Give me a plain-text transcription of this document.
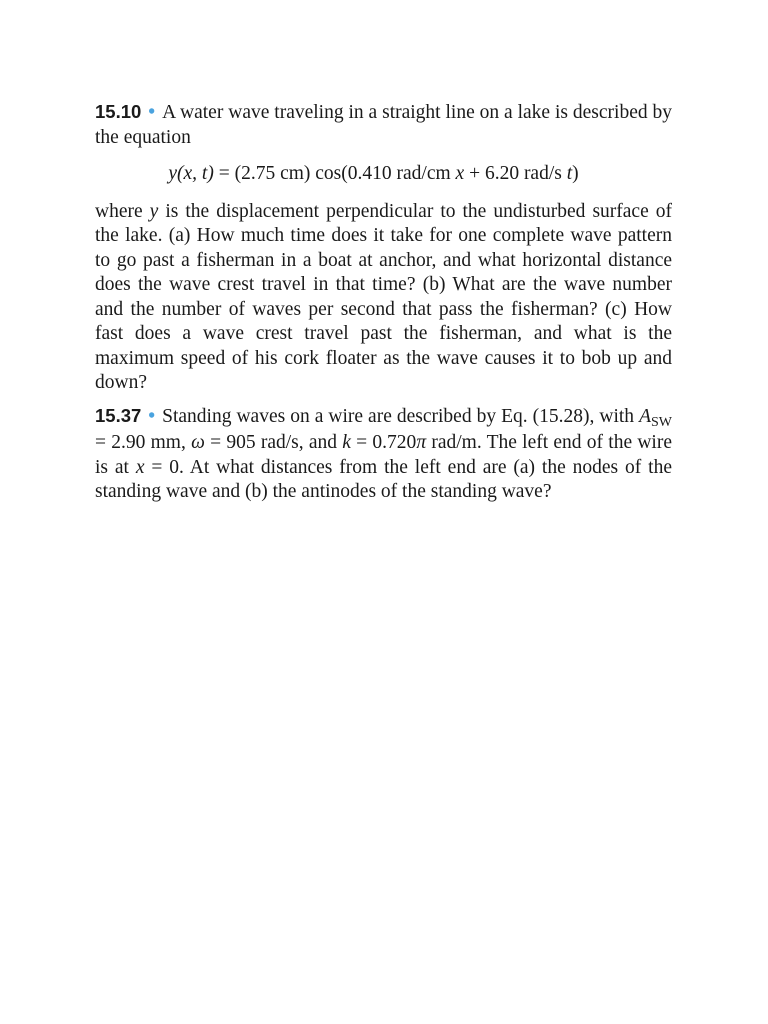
15.10 • A water wave traveling in a straight line on a lake is described by the equation
y(x, t) = (2.75 cm) cos(0.410 rad/cm x + 6.20 rad/s t)
where y is the displacement perpendicular to the undisturbed surface of the lake. (a) How much time does it take for one complete wave pattern to go past a fisherman in a boat at anchor, and what horizontal distance does the wave crest travel in that time? (b) What are the wave number and the number of waves per second that pass the fisherman? (c) How fast does a wave crest travel past the fisherman, and what is the maximum speed of his cork floater as the wave causes it to bob up and down?

15.37 • Standing waves on a wire are described by Eq. (15.28), with $A_{SW} = 2.90$ mm, ω = 905 rad/s, and k = 0.720π rad/m. The left end of the wire is at x = 0. At what distances from the left end are (a) the nodes of the standing wave and (b) the antinodes of the standing wave?
